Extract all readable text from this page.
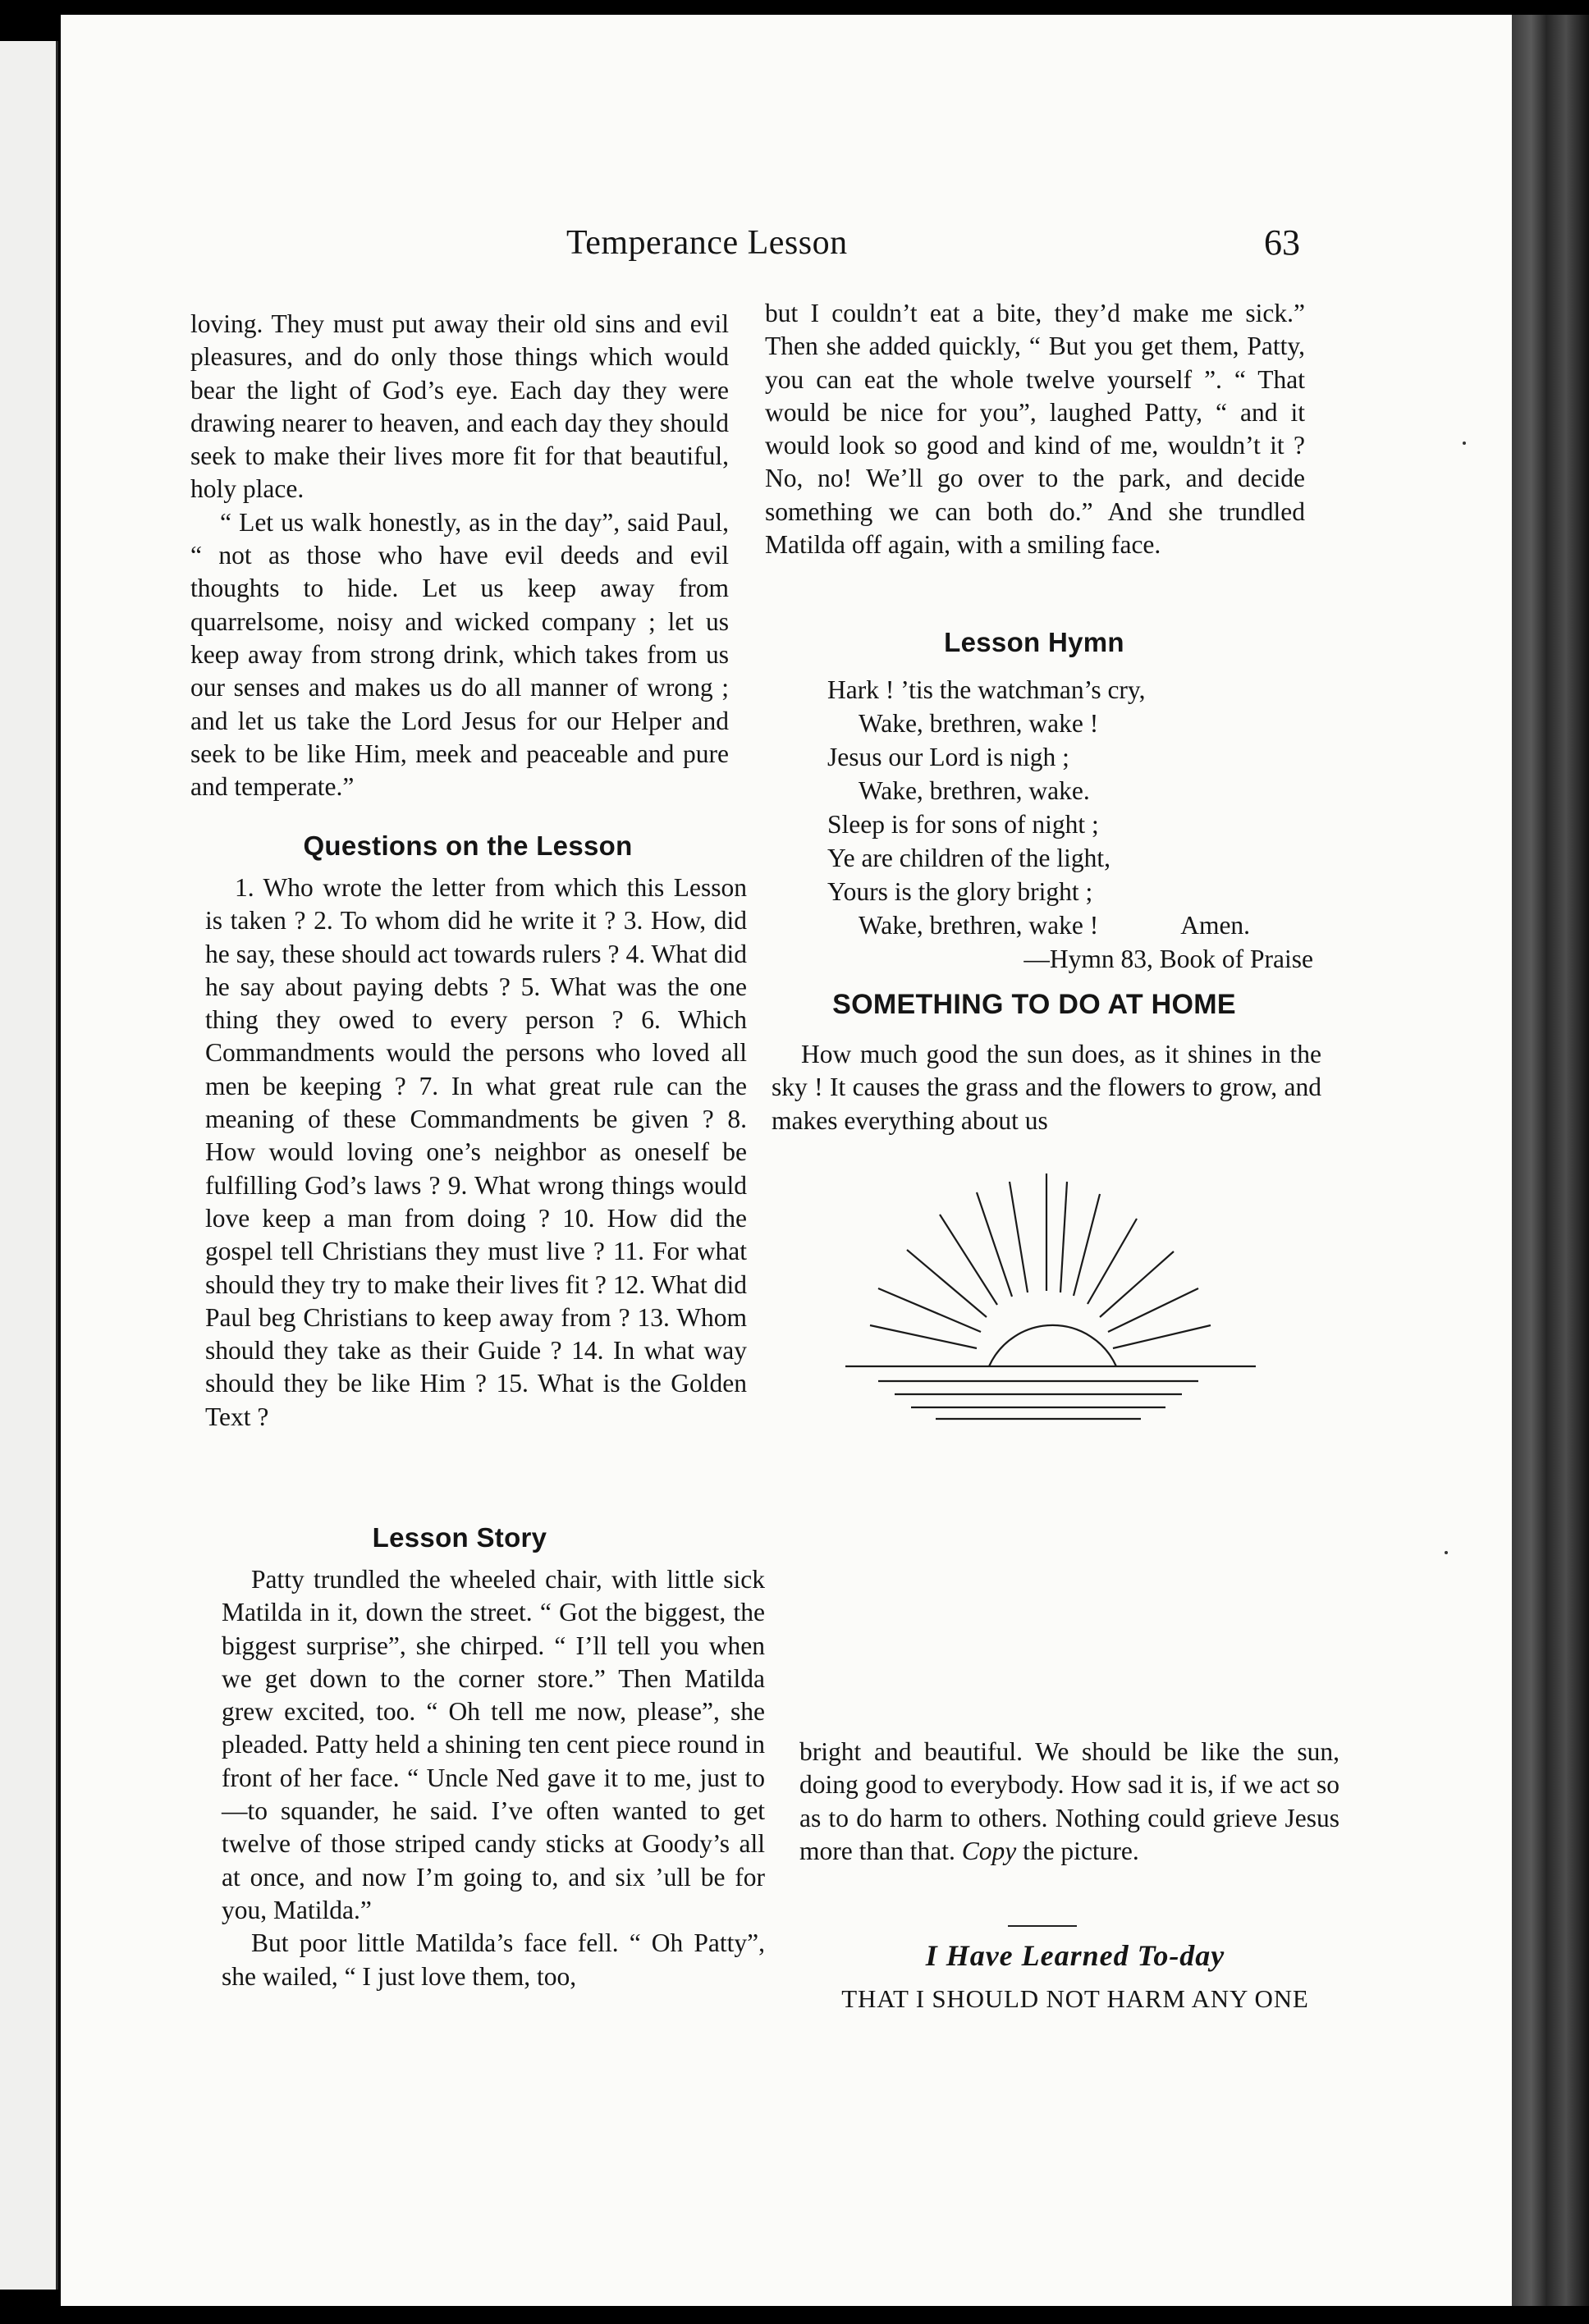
Temperance Lesson	63

loving. They must put away their old sins and evil pleasures, and do only those things which would bear the light of God’s eye. Each day they were drawing nearer to heaven, and each day they should seek to make their lives more fit for that beautiful, holy place.

“ Let us walk honestly, as in the day”, said Paul, “ not as those who have evil deeds and evil thoughts to hide. Let us keep away from quarrelsome, noisy and wicked company ; let us keep away from strong drink, which takes from us our senses and makes us do all manner of wrong ; and let us take the Lord Jesus for our Helper and seek to be like Him, meek and peaceable and pure and temperate.”

Questions on the Lesson

1. Who wrote the letter from which this Lesson is taken ? 2. To whom did he write it ? 3. How, did he say, these should act towards rulers ? 4. What did he say about paying debts ? 5. What was the one thing they owed to every person ? 6. Which Commandments would the persons who loved all men be keeping ? 7. In what great rule can the meaning of these Commandments be given ? 8. How would loving one’s neighbor as oneself be fulfilling God’s laws ? 9. What wrong things would love keep a man from doing ? 10. How did the gospel tell Christians they must live ? 11. For what should they try to make their lives fit ? 12. What did Paul beg Christians to keep away from ? 13. Whom should they take as their Guide ? 14. In what way should they be like Him ? 15. What is the Golden Text ?

Lesson Story

Patty trundled the wheeled chair, with little sick Matilda in it, down the street. “ Got the biggest, the biggest surprise”, she chirped. “ I’ll tell you when we get down to the corner store.” Then Matilda grew excited, too. “ Oh tell me now, please”, she pleaded. Patty held a shining ten cent piece round in front of her face. “ Uncle Ned gave it to me, just to—to squander, he said. I’ve often wanted to get twelve of those striped candy sticks at Goody’s all at once, and now I’m going to, and six ’ull be for you, Matilda.”

But poor little Matilda’s face fell. “ Oh Patty”, she wailed, “ I just love them, too,

but I couldn’t eat a bite, they’d make me sick.” Then she added quickly, “ But you get them, Patty, you can eat the whole twelve yourself ”. “ That would be nice for you”, laughed Patty, “ and it would look so good and kind of me, wouldn’t it ? No, no! We’ll go over to the park, and decide something we can both do.” And she trundled Matilda off again, with a smiling face.

Lesson Hymn
Hark ! ’tis the watchman’s cry,
Wake, brethren, wake !
Jesus our Lord is nigh ;
Wake, brethren, wake.
Sleep is for sons of night ;
Ye are children of the light,
Yours is the glory bright ;
Wake, brethren, wake !	Amen.
—Hymn 83, Book of Praise
SOMETHING TO DO AT HOME

How much good the sun does, as it shines in the sky ! It causes the grass and the flowers to grow, and makes everything about us

bright and beautiful. We should be like the sun, doing good to everybody. How sad it is, if we act so as to do harm to others. Nothing could grieve Jesus more than that. Copy the picture.

I Have Learned To-day
THAT I SHOULD NOT HARM ANY ONE
